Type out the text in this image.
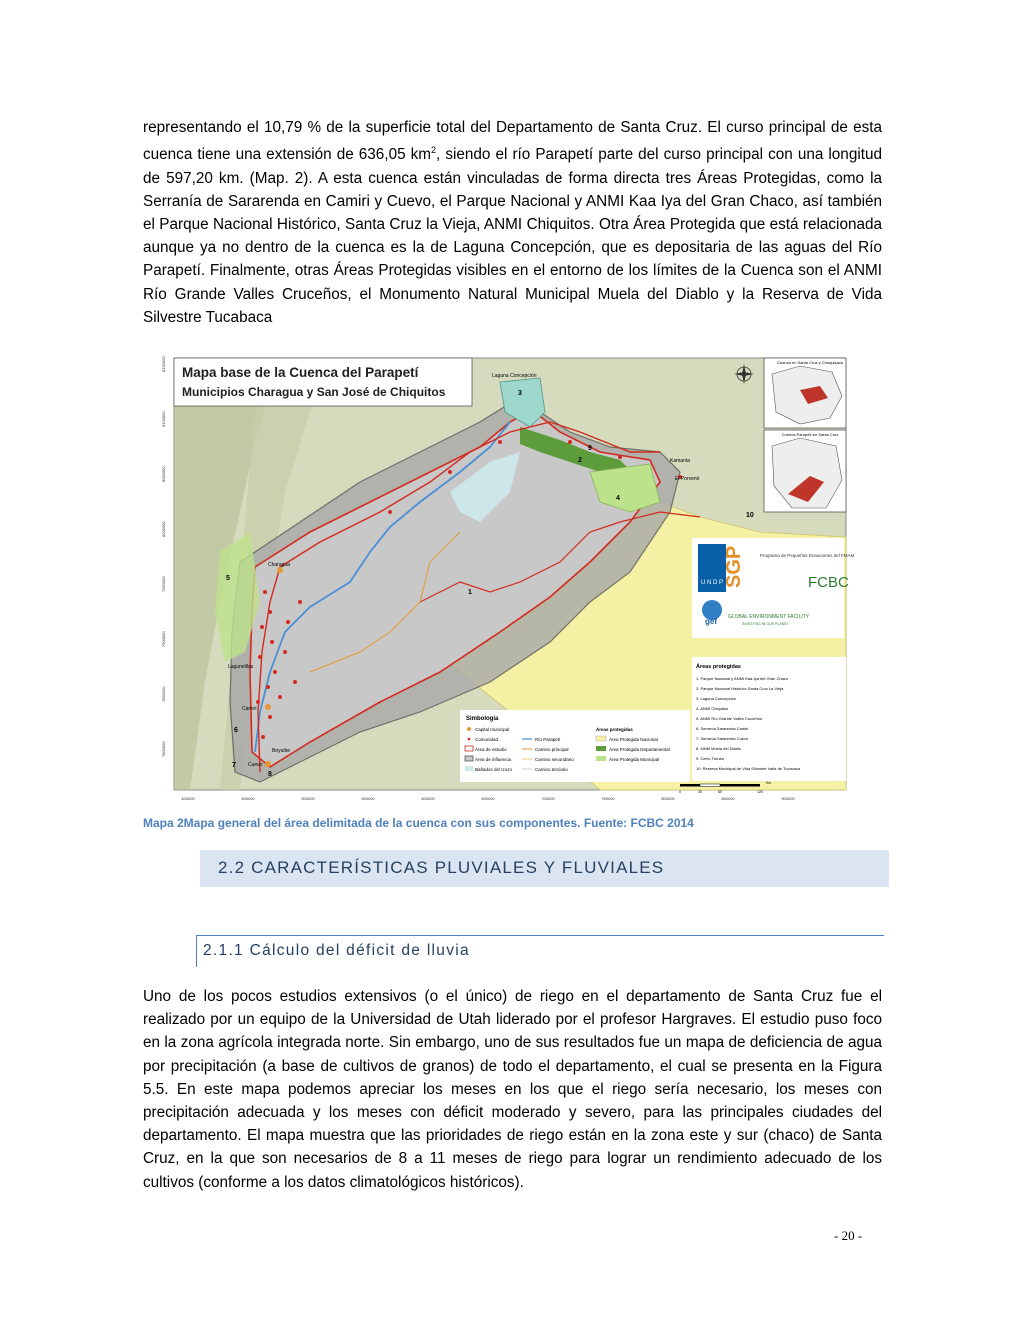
representando el 10,79 % de la superficie total del Departamento de Santa Cruz. El curso principal de esta cuenca tiene una extensión de 636,05 $km^2$, siendo el río Parapetí parte del curso principal con una longitud de 597,20 km. (Map. 2). A esta cuenca están vinculadas de forma directa tres Áreas Protegidas, como la Serranía de Sararenda en Camiri y Cuevo, el Parque Nacional y ANMI Kaa Iya del Gran Chaco, así también el Parque Nacional Histórico, Santa Cruz la Vieja, ANMI Chiquitos. Otra Área Protegida que está relacionada aunque ya no dentro de la cuenca es la de Laguna Concepción, que es depositaria de las aguas del Río Parapetí. Finalmente, otras Áreas Protegidas visibles en el entorno de los límites de la Cuenca son el ANMI Río Grande Valles Cruceños, el Monumento Natural Municipal Muela del Diablo y la Reserva de Vida Silvestre Tucabaca

Laguna Concepción
Charagua
Laguneillas
Camiri
Cuevo
Boyuibe
Kamanta
El Porvenir
1
2
3
4
5
6
7
8
9
10
Mapa base de la Cuenca del Parapetí
Municipios Charagua y San José de Chiquitos
Cuenca en Santa Cruz y Chuquisaca
Cuenca Parapetí en Santa Cruz
U N D P SGP	Programa de Pequeñas Donaciones del FMAM
FCBC
gef GLOBAL ENVIRONMENT FACILITY
INVESTING IN OUR PLANET
Áreas protegidas
1. Parque Nacional y ANMI Kaa-Iya del Gran Chaco
2. Parque Nacional Histórico Santa Cruz La Vieja
3. Laguna Concepción
4. ANMI Chiquitos
5. ANMI Río Grande Valles Cruceños
6. Serranía Sararenda Camiri
7. Serranía Sararenda Cuevo
8. MNM Muela del Diablo
9. Cerro Turubó
10. Reserva Municipal de Vida Silvestre Valle de Tucavaca
Simbología
Capital municipal
Comunidad
Área de estudio
Área de influencia
Bañados del Izozo
Río Parapetí
Camino principal
Camino secundario
Camino terciario
Áreas protegidas
Área Protegida Nacional
Área Protegida Departamental
Área Protegida Municipal
400000	450000	500000	550000	600000	650000	700000	750000	800000	850000	900000
8150000
8100000
8050000
8000000
7950000
7900000
7850000
7800000
0	30	60	120
Km
Mapa 2Mapa general del área delimitada de la cuenca con sus componentes. Fuente: FCBC 2014
2.2 CARACTERÍSTICAS PLUVIALES Y FLUVIALES
2.1.1 Cálculo del déficit de lluvia

Uno de los pocos estudios extensivos (o el único) de riego en el departamento de Santa Cruz fue el realizado por un equipo de la Universidad de Utah liderado por el profesor Hargraves. El estudio puso foco en la zona agrícola integrada norte. Sin embargo, uno de sus resultados fue un mapa de deficiencia de agua por precipitación (a base de cultivos de granos) de todo el departamento, el cual se presenta en la Figura 5.5. En este mapa podemos apreciar los meses en los que el riego sería necesario, los meses con precipitación adecuada y los meses con déficit moderado y severo, para las principales ciudades del departamento. El mapa muestra que las prioridades de riego están en la zona este y sur (chaco) de Santa Cruz, en la que son necesarios de 8 a 11 meses de riego para lograr un rendimiento adecuado de los cultivos (conforme a los datos climatológicos históricos).

- 20 -
